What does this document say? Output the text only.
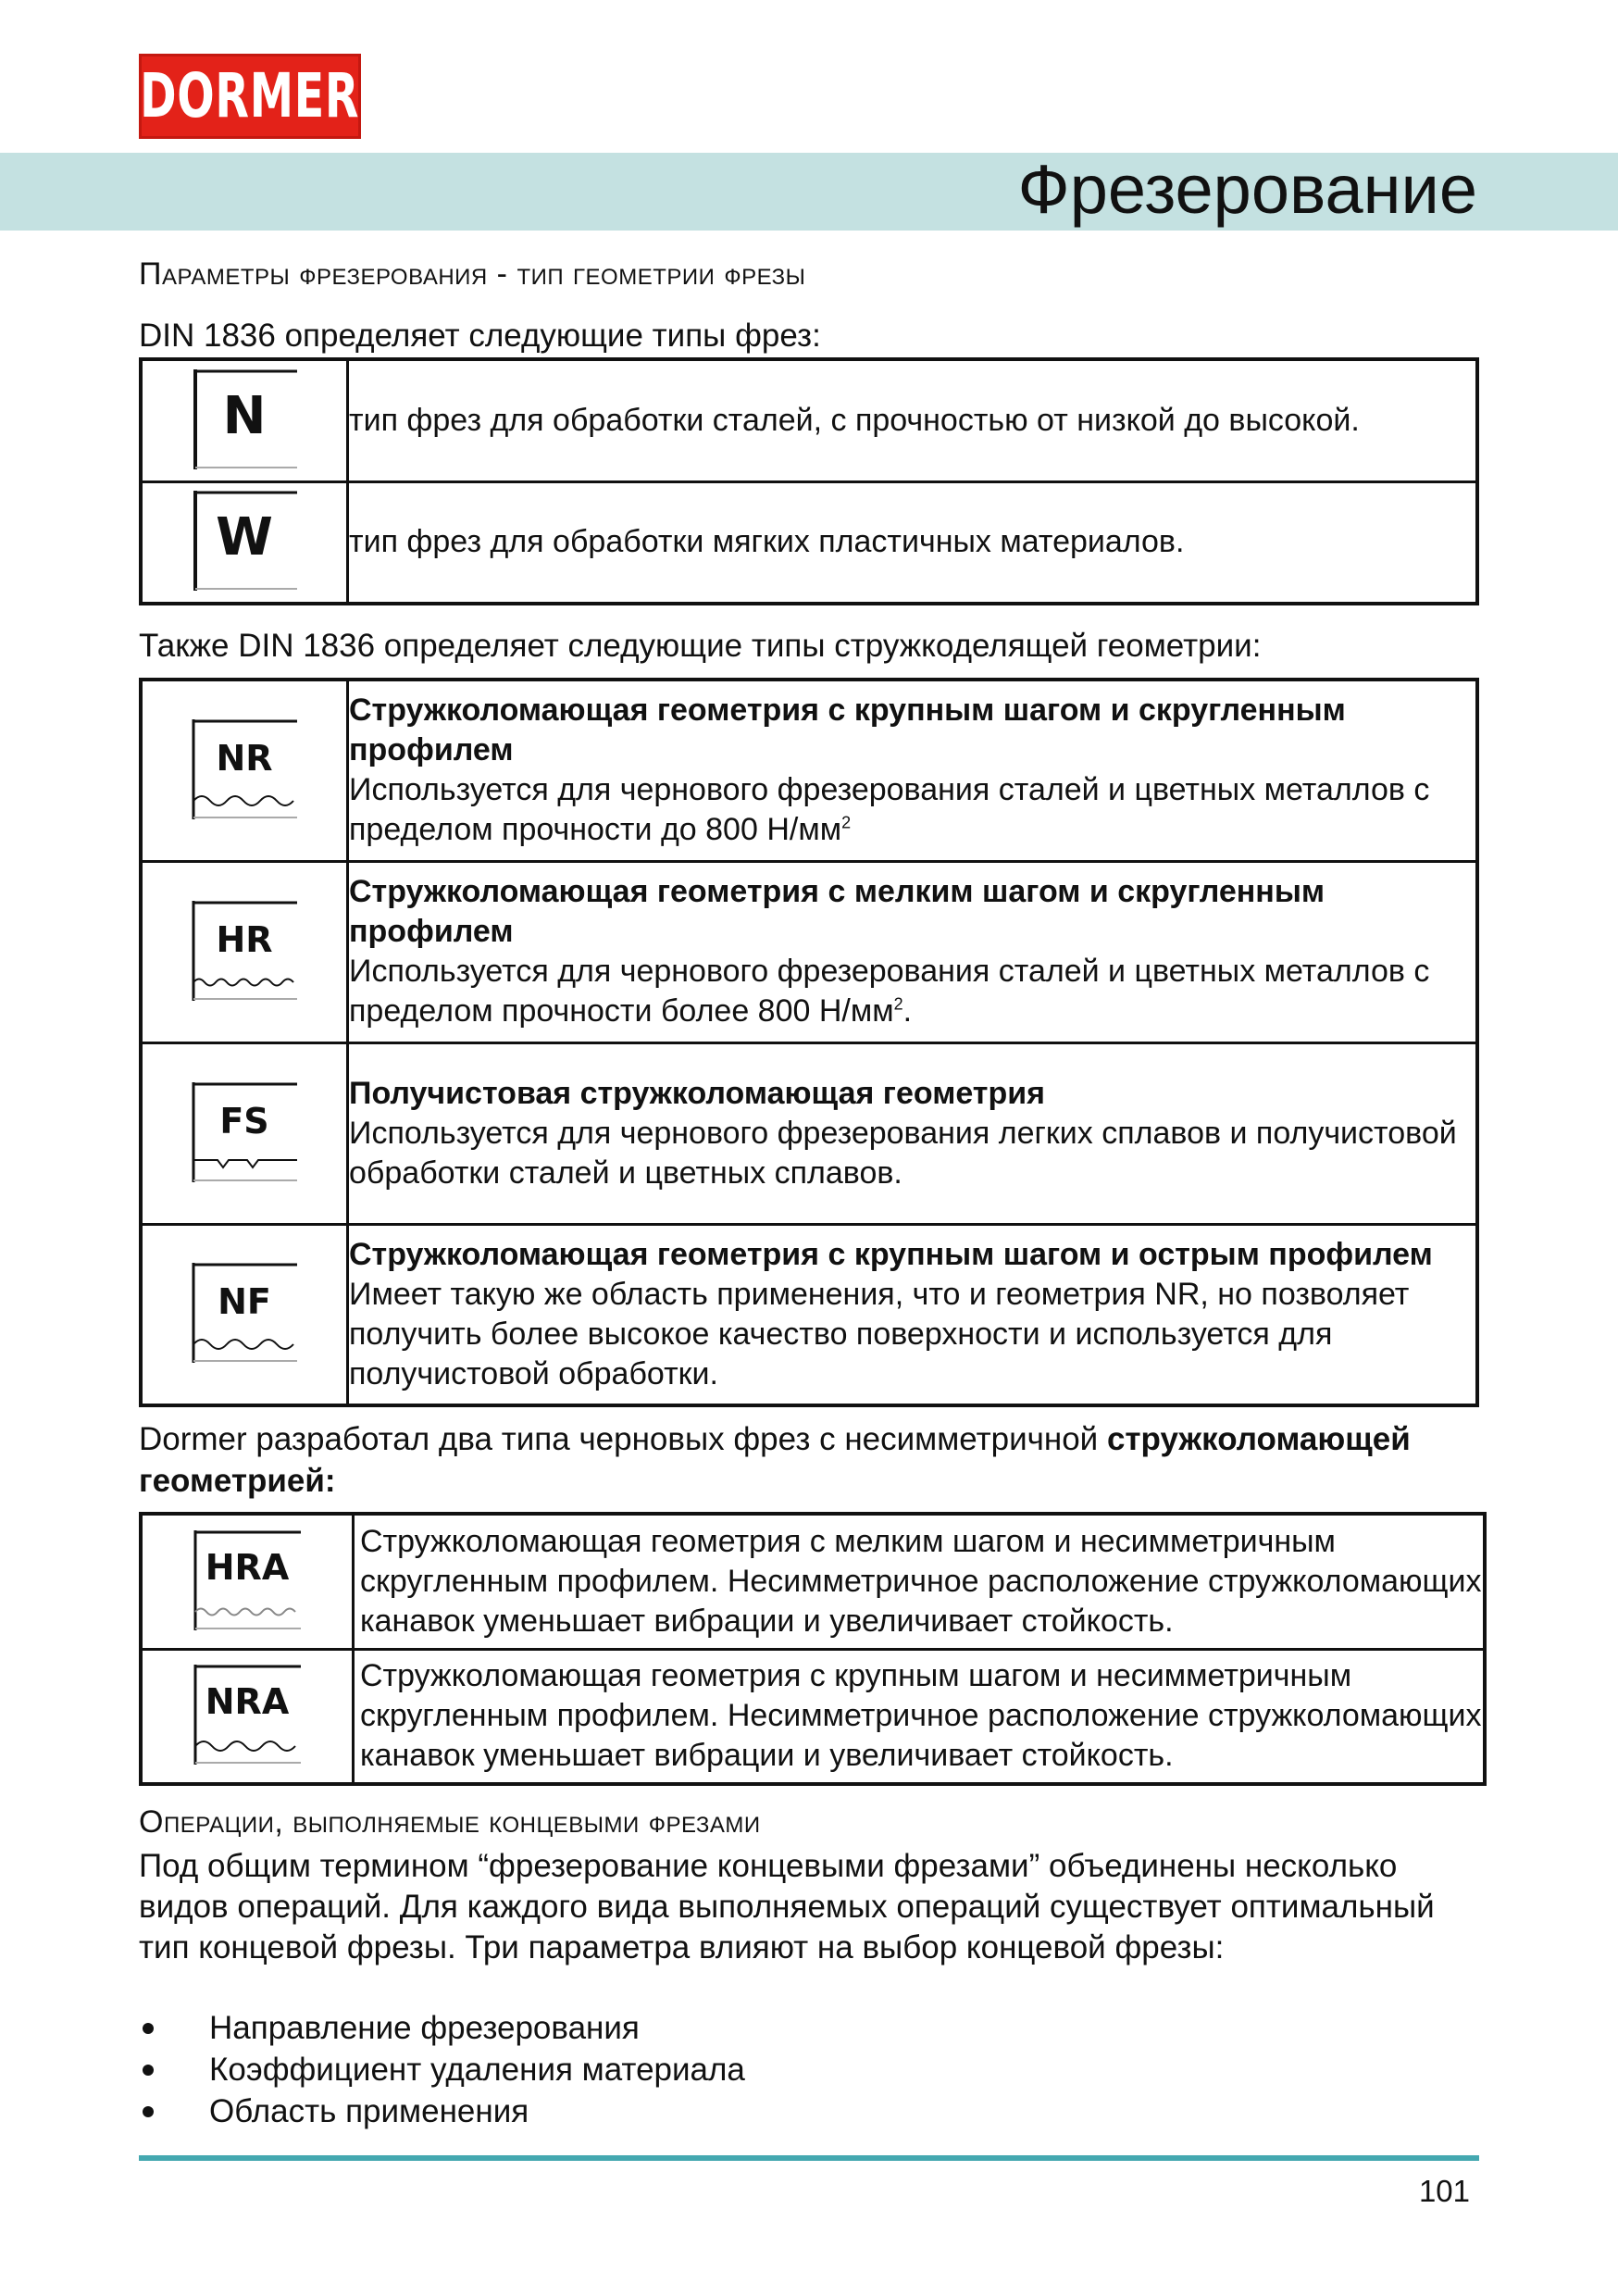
DORMER
Фрезерование
Параметры фрезерования - тип геометрии фрезы
DIN 1836 определяет следующие типы фрез:
N	тип фрез для обработки сталей, с прочностью от низкой до высокой.

W	тип фрез для обработки мягких пластичных материалов.
Также DIN 1836 определяет следующие типы стружкоделящей геометрии:
NR	Стружколомающая геометрия с крупным шагом и скругленным профилем
Используется для чернового фрезерования сталей и цветных металлов с пределом прочности до 800 $Н/мм^2$

HR	Стружколомающая геометрия с мелким шагом и скругленным профилем
Используется для чернового фрезерования сталей и цветных металлов с пределом прочности более 800 $Н/мм^2$.

FS	Получистовая стружколомающая геометрия
Используется для чернового фрезерования легких сплавов и получистовой обработки сталей и цветных сплавов.

NF	Стружколомающая геометрия с крупным шагом и острым профилем
Имеет такую же область применения, что и геометрия NR, но позволяет получить более высокое качество поверхности и используется для получистовой обработки.
Dormer разработал два типа черновых фрез с несимметричной стружколомающей геометрией:
HRA	Стружколомающая геометрия с мелким шагом и несимметричным скругленным профилем. Несимметричное расположение стружколомающих канавок уменьшает вибрации и увеличивает стойкость.

NRA	Стружколомающая геометрия с крупным шагом и несимметричным скругленным профилем. Несимметричное расположение стружколомающих канавок уменьшает вибрации и увеличивает стойкость.
Операции, выполняемые концевыми фрезами
Под общим термином “фрезерование концевыми фрезами” объединены несколько видов операций. Для каждого вида выполняемых операций существует оптимальный тип концевой фрезы. Три параметра влияют на выбор концевой фрезы:
Направление фрезерования
Коэффициент удаления материала
Область применения
101
